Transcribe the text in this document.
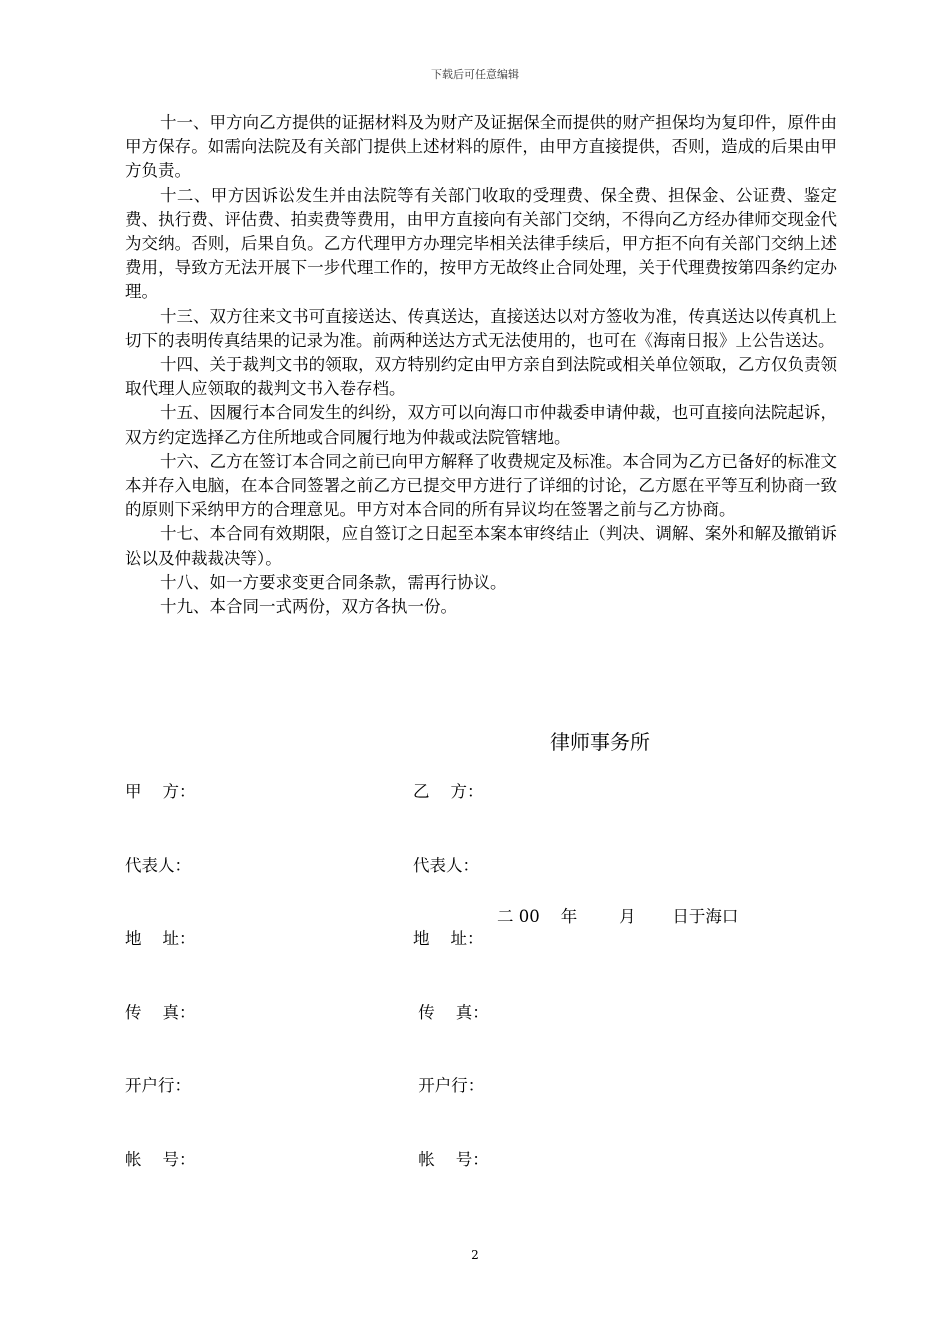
下载后可任意编辑

十一、甲方向乙方提供的证据材料及为财产及证据保全而提供的财产担保均为复印件，原件由甲方保存。如需向法院及有关部门提供上述材料的原件，由甲方直接提供，否则，造成的后果由甲方负责。

十二、甲方因诉讼发生并由法院等有关部门收取的受理费、保全费、担保金、公证费、鉴定费、执行费、评估费、拍卖费等费用，由甲方直接向有关部门交纳，不得向乙方经办律师交现金代为交纳。否则，后果自负。乙方代理甲方办理完毕相关法律手续后，甲方拒不向有关部门交纳上述费用，导致方无法开展下一步代理工作的，按甲方无故终止合同处理，关于代理费按第四条约定办理。

十三、双方往来文书可直接送达、传真送达，直接送达以对方签收为准，传真送达以传真机上切下的表明传真结果的记录为准。前两种送达方式无法使用的，也可在《海南日报》上公告送达。

十四、关于裁判文书的领取，双方特别约定由甲方亲自到法院或相关单位领取，乙方仅负责领取代理人应领取的裁判文书入卷存档。

十五、因履行本合同发生的纠纷，双方可以向海口市仲裁委申请仲裁，也可直接向法院起诉，双方约定选择乙方住所地或合同履行地为仲裁或法院管辖地。

十六、乙方在签订本合同之前已向甲方解释了收费规定及标准。本合同为乙方已备好的标准文本并存入电脑，在本合同签署之前乙方已提交甲方进行了详细的讨论，乙方愿在平等互利协商一致的原则下采纳甲方的合理意见。甲方对本合同的所有异议均在签署之前与乙方协商。

十七、本合同有效期限，应自签订之日起至本案本审终结止（判决、调解、案外和解及撤销诉讼以及仲裁裁决等）。

十八、如一方要求变更合同条款，需再行协议。

十九、本合同一式两份，双方各执一份。

甲    方：

代表人：

地    址：

传    真：

开户行：

帐    号：

乙    方：

代表人：

地    址：

传    真：

开户行：

帐    号：

律师事务所
二 00    年        月       日于海口
2
